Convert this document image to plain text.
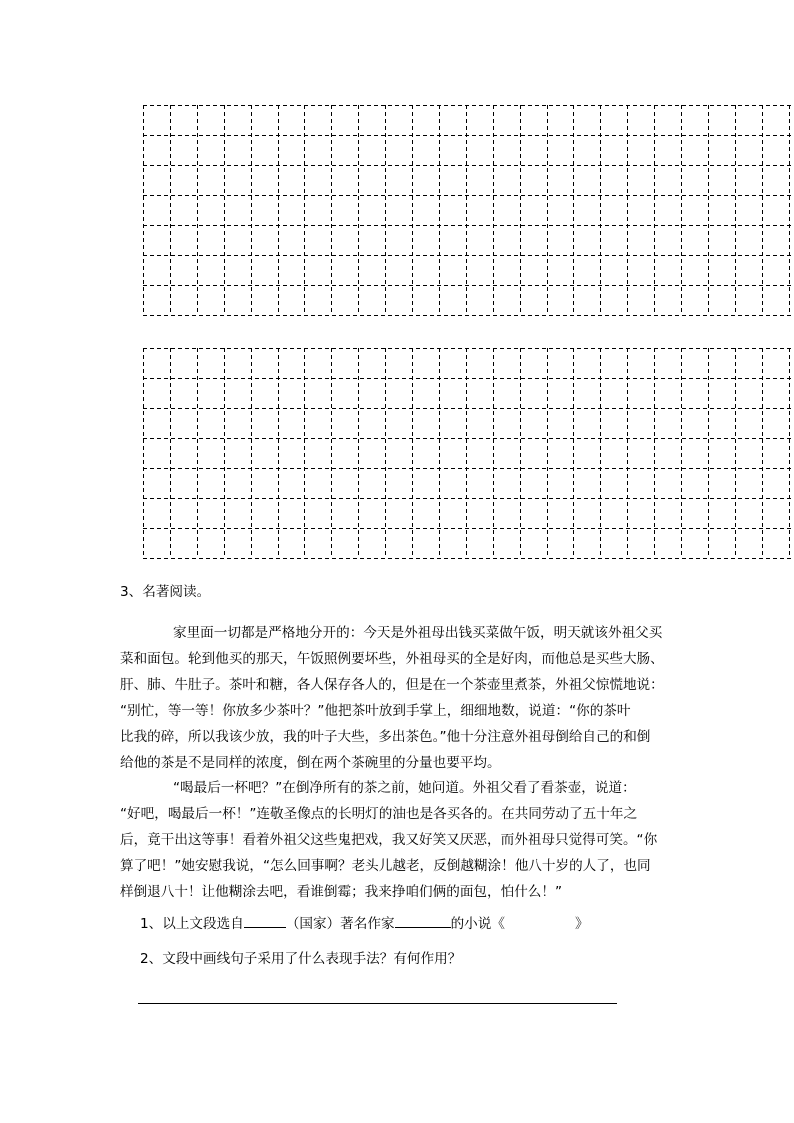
3、名著阅读。
家里面一切都是严格地分开的：今天是外祖母出钱买菜做午饭，明天就该外祖父买
菜和面包。轮到他买的那天，午饭照例要坏些，外祖母买的全是好肉，而他总是买些大肠、
肝、肺、牛肚子。茶叶和糖，各人保存各人的，但是在一个茶壶里煮茶，外祖父惊慌地说：
“别忙，等一等！你放多少茶叶？”他把茶叶放到手掌上，细细地数，说道：“你的茶叶
比我的碎，所以我该少放，我的叶子大些，多出茶色。”他十分注意外祖母倒给自己的和倒
给他的茶是不是同样的浓度，倒在两个茶碗里的分量也要平均。
“喝最后一杯吧？”在倒净所有的茶之前，她问道。外祖父看了看茶壶，说道：
“好吧，喝最后一杯！”连敬圣像点的长明灯的油也是各买各的。在共同劳动了五十年之
后，竟干出这等事！看着外祖父这些鬼把戏，我又好笑又厌恶，而外祖母只觉得可笑。“你
算了吧！”她安慰我说，“怎么回事啊？老头儿越老，反倒越糊涂！他八十岁的人了，也同
样倒退八十！让他糊涂去吧，看谁倒霉；我来挣咱们俩的面包，怕什么！”
1、以上文段选自	（国家）著名作家	的小说《	》
2、文段中画线句子采用了什么表现手法？有何作用？
